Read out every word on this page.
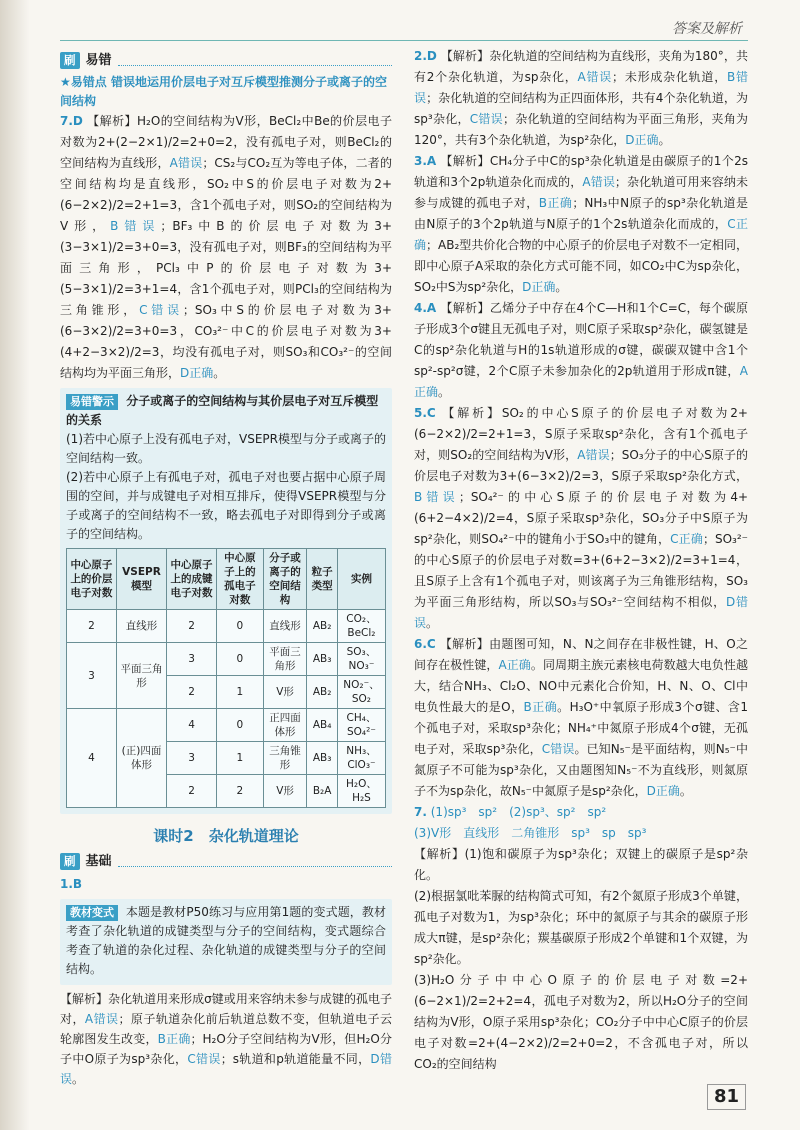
答案及解析
刷 易错
★易错点 错误地运用价层电子对互斥模型推测分子或离子的空间结构

7.D 【解析】H₂O的空间结构为V形，BeCl₂中Be的价层电子对数为2+(2−2×1)/2=2+0=2，没有孤电子对，则BeCl₂的空间结构为直线形，A错误；CS₂与CO₂互为等电子体，二者的空间结构均是直线形，SO₂中S的价层电子对数为2+(6−2×2)/2=2+1=3，含1个孤电子对，则SO₂的空间结构为V形，B错误；BF₃中B的价层电子对数为3+(3−3×1)/2=3+0=3，没有孤电子对，则BF₃的空间结构为平面三角形，PCl₃中P的价层电子对数为3+(5−3×1)/2=3+1=4，含1个孤电子对，则PCl₃的空间结构为三角锥形，C错误；SO₃中S的价层电子对数为3+(6−3×2)/2=3+0=3，CO₃²⁻中C的价层电子对数为3+(4+2−3×2)/2=3，均没有孤电子对，则SO₃和CO₃²⁻的空间结构均为平面三角形，D正确。

易错警示 分子或离子的空间结构与其价层电子对互斥模型的关系

(1)若中心原子上没有孤电子对，VSEPR模型与分子或离子的空间结构一致。

(2)若中心原子上有孤电子对，孤电子对也要占据中心原子周围的空间，并与成键电子对相互排斥，使得VSEPR模型与分子或离子的空间结构不一致，略去孤电子对即得到分子或离子的空间结构。

中心原子上的价层电子对数	VSEPR模型	中心原子上的成键电子对数	中心原子上的孤电子对数	分子或离子的空间结构	粒子类型	实例
2	直线形	2	0	直线形	AB₂	CO₂、BeCl₂
3	平面三角形	3	0	平面三角形	AB₃	SO₃、NO₃⁻
		2	1	V形	AB₂	NO₂⁻、SO₂
4	(正)四面体形	4	0	正四面体形	AB₄	CH₄、SO₄²⁻
		3	1	三角锥形	AB₃	NH₃、ClO₃⁻
		2	2	V形	B₂A	H₂O、H₂S
课时2　杂化轨道理论
刷 基础

1.B

教材变式 本题是教材P50练习与应用第1题的变式题，教材考查了杂化轨道的成键类型与分子的空间结构，变式题综合考查了轨道的杂化过程、杂化轨道的成键类型与分子的空间结构。

【解析】杂化轨道用来形成σ键或用来容纳未参与成键的孤电子对，A错误；原子轨道杂化前后轨道总数不变，但轨道电子云轮廓图发生改变，B正确；H₂O分子空间结构为V形，但H₂O分子中O原子为sp³杂化，C错误；s轨道和p轨道能量不同，D错误。

2.D 【解析】杂化轨道的空间结构为直线形，夹角为180°，共有2个杂化轨道，为sp杂化，A错误；未形成杂化轨道，B错误；杂化轨道的空间结构为正四面体形，共有4个杂化轨道，为sp³杂化，C错误；杂化轨道的空间结构为平面三角形，夹角为120°，共有3个杂化轨道，为sp²杂化，D正确。

3.A 【解析】CH₄分子中C的sp³杂化轨道是由碳原子的1个2s轨道和3个2p轨道杂化而成的，A错误；杂化轨道可用来容纳未参与成键的孤电子对，B正确；NH₃中N原子的sp³杂化轨道是由N原子的3个2p轨道与N原子的1个2s轨道杂化而成的，C正确；AB₂型共价化合物的中心原子的价层电子对数不一定相同，即中心原子A采取的杂化方式可能不同，如CO₂中C为sp杂化，SO₂中S为sp²杂化，D正确。

4.A 【解析】乙烯分子中存在4个C—H和1个C=C，每个碳原子形成3个σ键且无孤电子对，则C原子采取sp²杂化，碳氢键是C的sp²杂化轨道与H的1s轨道形成的σ键，碳碳双键中含1个sp²-sp²σ键，2个C原子未参加杂化的2p轨道用于形成π键，A正确。

5.C 【解析】SO₂的中心S原子的价层电子对数为2+(6−2×2)/2=2+1=3，S原子采取sp²杂化，含有1个孤电子对，则SO₂的空间结构为V形，A错误；SO₃分子的中心S原子的价层电子对数为3+(6−3×2)/2=3，S原子采取sp²杂化方式，B错误；SO₄²⁻的中心S原子的价层电子对数为4+(6+2−4×2)/2=4，S原子采取sp³杂化，SO₃分子中S原子为sp²杂化，则SO₄²⁻中的键角小于SO₃中的键角，C正确；SO₃²⁻的中心S原子的价层电子对数=3+(6+2−3×2)/2=3+1=4，且S原子上含有1个孤电子对，则该离子为三角锥形结构，SO₃为平面三角形结构，所以SO₃与SO₃²⁻空间结构不相似，D错误。

6.C 【解析】由题图可知，N、N之间存在非极性键，H、O之间存在极性键，A正确。同周期主族元素核电荷数越大电负性越大，结合NH₃、Cl₂O、NO中元素化合价知，H、N、O、Cl中电负性最大的是O，B正确。H₃O⁺中氧原子形成3个σ键、含1个孤电子对，采取sp³杂化；NH₄⁺中氮原子形成4个σ键，无孤电子对，采取sp³杂化，C错误。已知N₅⁻是平面结构，则N₅⁻中氮原子不可能为sp³杂化，又由题图知N₅⁻不为直线形，则氮原子不为sp杂化，故N₅⁻中氮原子是sp²杂化，D正确。

7. (1)sp³　sp²　(2)sp³、sp²　sp²

(3)V形　直线形　二角锥形　sp³　sp　sp³

【解析】(1)饱和碳原子为sp³杂化；双键上的碳原子是sp²杂化。

(2)根据氯吡苯脲的结构简式可知，有2个氮原子形成3个单键，孤电子对数为1，为sp³杂化；环中的氮原子与其余的碳原子形成大π键，是sp²杂化；羰基碳原子形成2个单键和1个双键，为sp²杂化。

(3)H₂O分子中中心O原子的价层电子对数=2+(6−2×1)/2=2+2=4，孤电子对数为2，所以H₂O分子的空间结构为V形，O原子采用sp³杂化；CO₂分子中中心C原子的价层电子对数=2+(4−2×2)/2=2+0=2，不含孤电子对，所以CO₂的空间结构

81
